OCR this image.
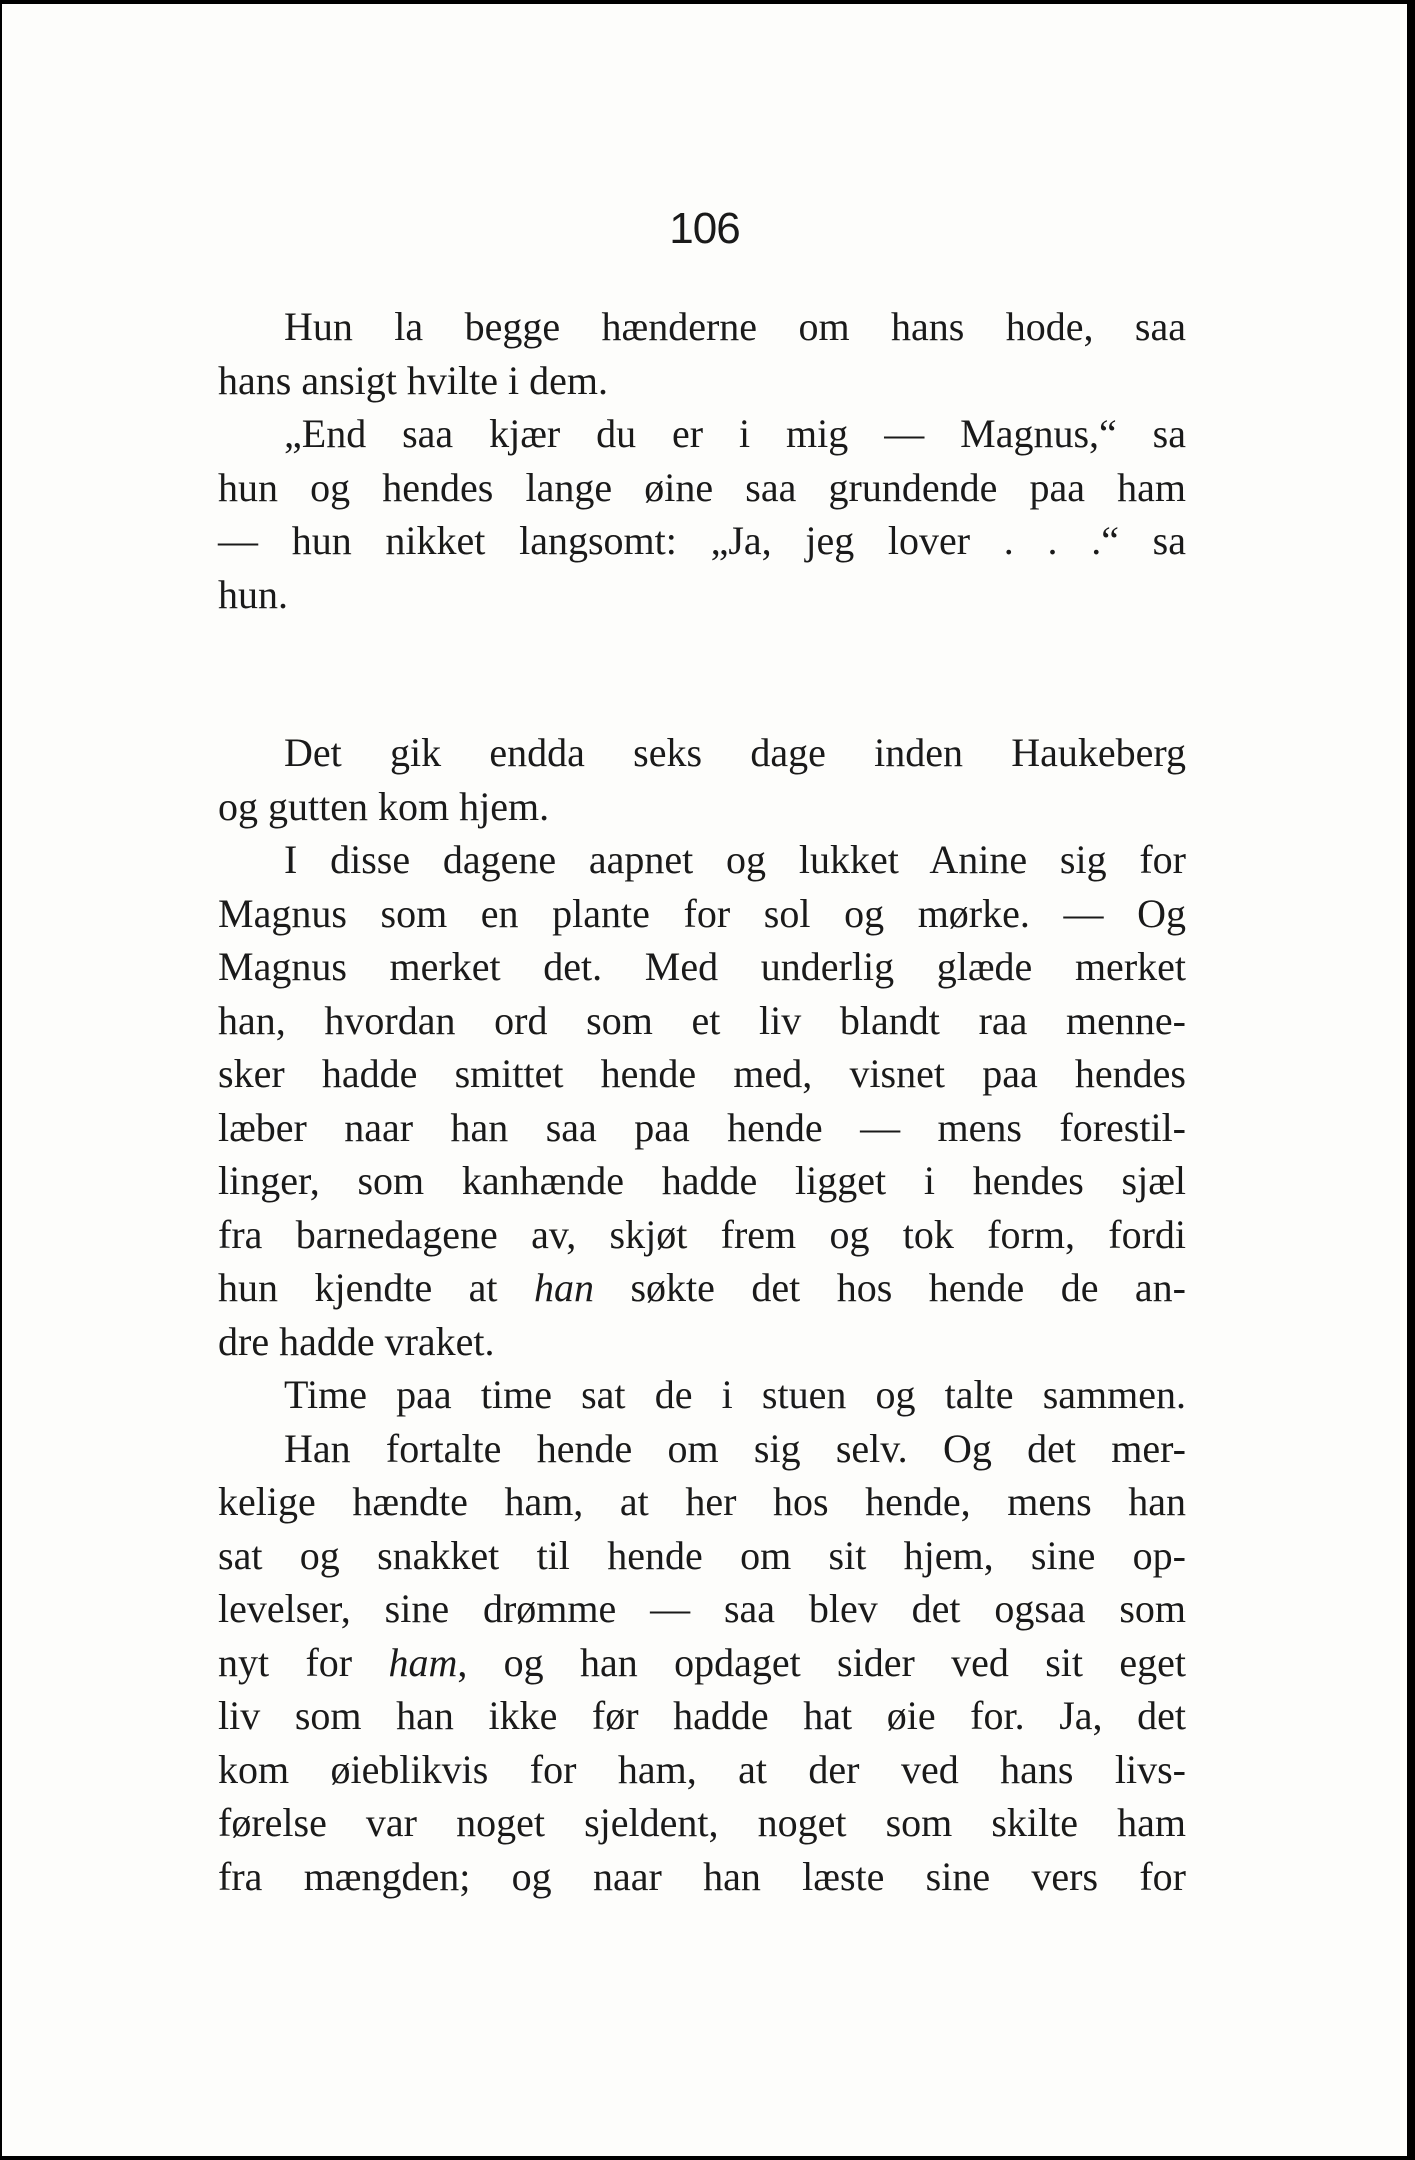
106
Hun la begge hænderne om hans hode, saa
hans ansigt hvilte i dem.
„End saa kjær du er i mig — Magnus,“ sa
hun og hendes lange øine saa grundende paa ham
— hun nikket langsomt: „Ja, jeg lover . . .“ sa
hun.
Det gik endda seks dage inden Haukeberg
og gutten kom hjem.
I disse dagene aapnet og lukket Anine sig for
Magnus som en plante for sol og mørke. — Og
Magnus merket det. Med underlig glæde merket
han, hvordan ord som et liv blandt raa menne-
sker hadde smittet hende med, visnet paa hendes
læber naar han saa paa hende — mens forestil-
linger, som kanhænde hadde ligget i hendes sjæl
fra barnedagene av, skjøt frem og tok form, fordi
hun kjendte at han søkte det hos hende de an-
dre hadde vraket.
Time paa time sat de i stuen og talte sammen.
Han fortalte hende om sig selv. Og det mer-
kelige hændte ham, at her hos hende, mens han
sat og snakket til hende om sit hjem, sine op-
levelser, sine drømme — saa blev det ogsaa som
nyt for ham, og han opdaget sider ved sit eget
liv som han ikke før hadde hat øie for. Ja, det
kom øieblikvis for ham, at der ved hans livs-
førelse var noget sjeldent, noget som skilte ham
fra mængden; og naar han læste sine vers for
